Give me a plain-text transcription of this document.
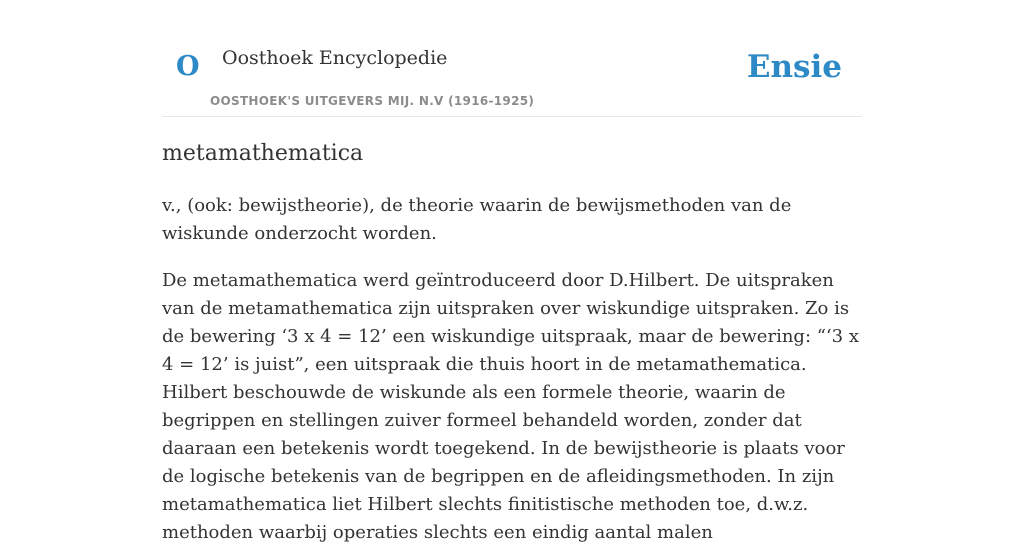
O Oosthoek Encyclopedie
OOSTHOEK'S UITGEVERS MIJ. N.V (1916-1925)
Ensie
metamathematica

v., (ook: bewijstheorie), de theorie waarin de bewijsmethoden van de wiskunde onderzocht worden.

De metamathematica werd geïntroduceerd door D.Hilbert. De uitspraken van de metamathematica zijn uitspraken over wiskundige uitspraken. Zo is de bewering ‘3 x 4 = 12’ een wiskundige uitspraak, maar de bewering: “‘3 x 4 = 12’ is juist”, een uitspraak die thuis hoort in de metamathematica. Hilbert beschouwde de wiskunde als een formele theorie, waarin de begrippen en stellingen zuiver formeel behandeld worden, zonder dat daaraan een betekenis wordt toegekend. In de bewijstheorie is plaats voor de logische betekenis van de begrippen en de afleidingsmethoden. In zijn metamathematica liet Hilbert slechts finitistische methoden toe, d.w.z. methoden waarbij operaties slechts een eindig aantal malen
